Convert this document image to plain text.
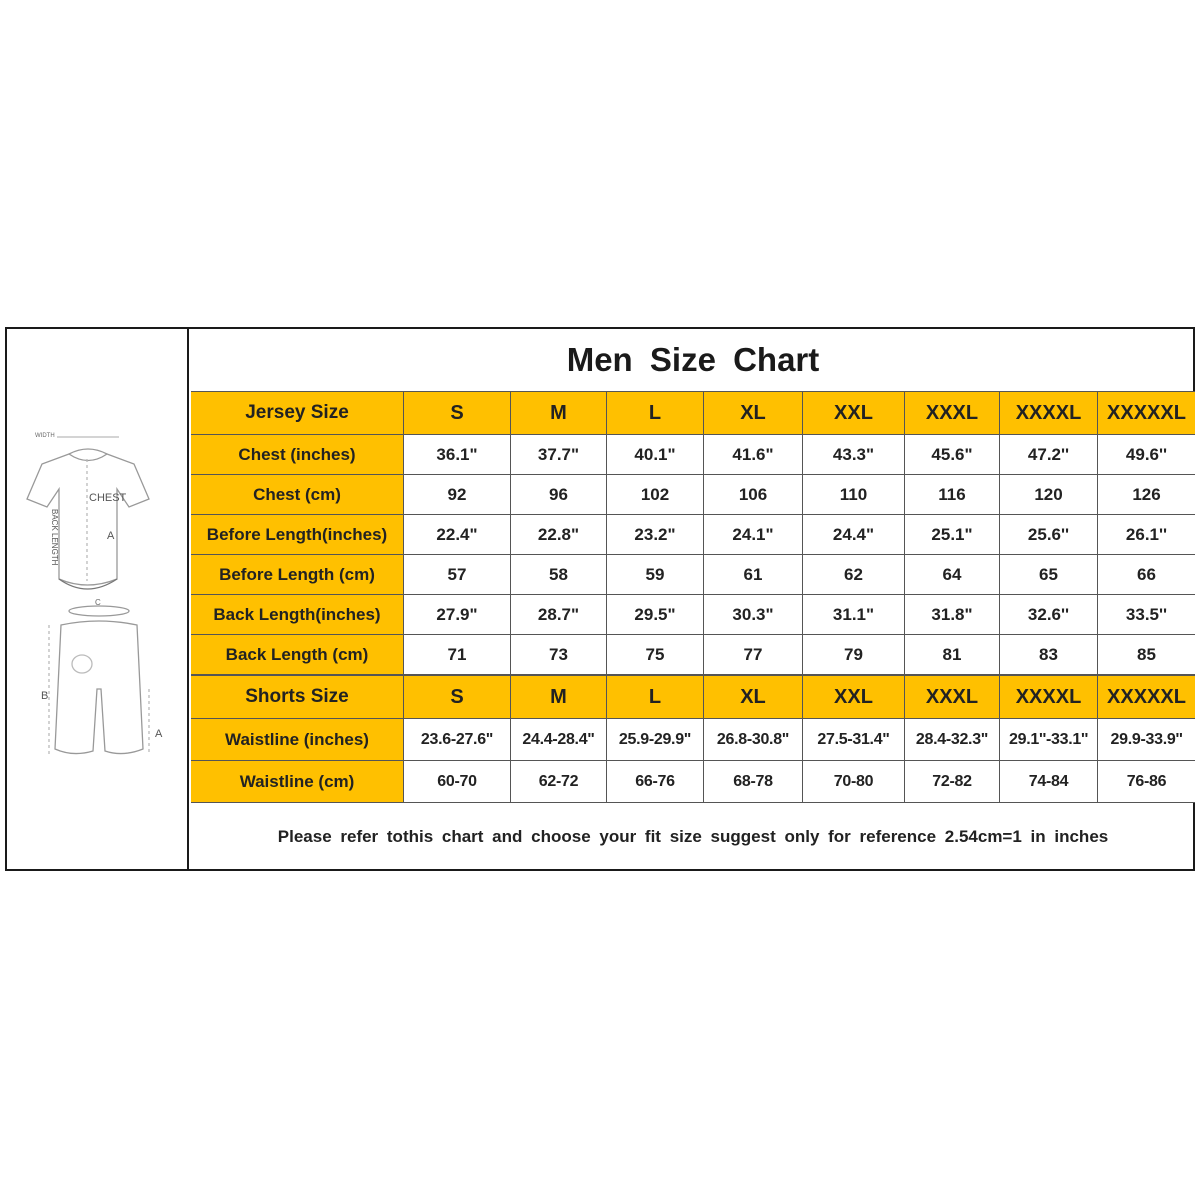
WIDTH
CHEST
BACK LENGTH	A
C
B
A
Men Size Chart
Jersey Size	S	M	L	XL	XXL	XXXL	XXXXL	XXXXXL
Chest (inches)	36.1"	37.7"	40.1"	41.6"	43.3"	45.6"	47.2''	49.6''
Chest (cm)	92	96	102	106	110	116	120	126
Before Length(inches)	22.4"	22.8"	23.2"	24.1"	24.4"	25.1"	25.6''	26.1''
Before Length (cm)	57	58	59	61	62	64	65	66
Back Length(inches)	27.9"	28.7"	29.5"	30.3"	31.1"	31.8"	32.6''	33.5''
Back Length (cm)	71	73	75	77	79	81	83	85
Shorts Size	S	M	L	XL	XXL	XXXL	XXXXL	XXXXXL
Waistline (inches)	23.6-27.6"	24.4-28.4"	25.9-29.9"	26.8-30.8"	27.5-31.4"	28.4-32.3"	29.1''-33.1''	29.9-33.9''
Waistline (cm)	60-70	62-72	66-76	68-78	70-80	72-82	74-84	76-86
Please refer tothis chart and choose your fit size suggest only for reference 2.54cm=1 in inches
